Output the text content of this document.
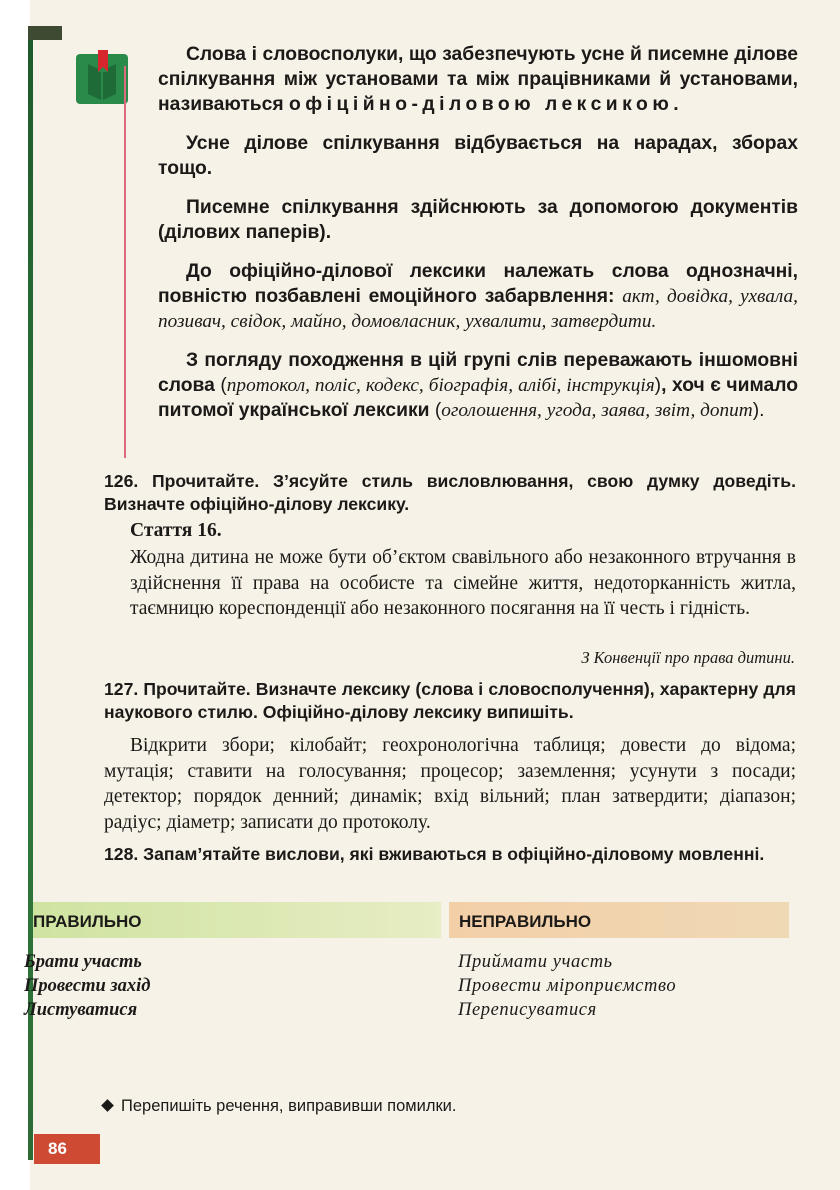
Слова і словосполуки, що забезпечують усне й писемне ділове спілкування між установами та між працівниками й установами, називаються офіційно-діловою лексикою.

Усне ділове спілкування відбувається на нарадах, зборах тощо.

Писемне спілкування здійснюють за допомогою документів (ділових паперів).

До офіційно-ділової лексики належать слова однозначні, повністю позбавлені емоційного забарвлення: акт, довідка, ухвала, позивач, свідок, майно, домовласник, ухвалити, затвердити.

З погляду походження в цій групі слів переважають іншомовні слова (протокол, поліс, кодекс, біографія, алібі, інструкція), хоч є чимало питомої української лексики (оголошення, угода, заява, звіт, допит).

126. Прочитайте. З’ясуйте стиль висловлювання, свою думку доведіть. Визначте офіційно-ділову лексику.
Стаття 16.
Жодна дитина не може бути об’єктом свавільного або незаконного втручання в здійснення її права на особисте та сімейне життя, недоторканність житла, таємницю кореспонденції або незаконного посягання на її честь і гідність.
З Конвенції про права дитини.
127. Прочитайте. Визначте лексику (слова і словосполучення), характерну для наукового стилю. Офіційно-ділову лексику випишіть.
Відкрити збори; кілобайт; геохронологічна таблиця; довести до відома; мутація; ставити на голосування; процесор; заземлення; усунути з посади; детектор; порядок денний; динамік; вхід вільний; план затвердити; діапазон; радіус; діаметр; записати до протоколу.
128. Запам’ятайте вислови, які вживаються в офіційно-діловому мовленні.
ПРАВИЛЬНО	НЕПРАВИЛЬНО
Брати участь
Провести захід
Листуватися
Приймати участь
Провести міроприємство
Переписуватися
Перепишіть речення, виправивши помилки.
86
